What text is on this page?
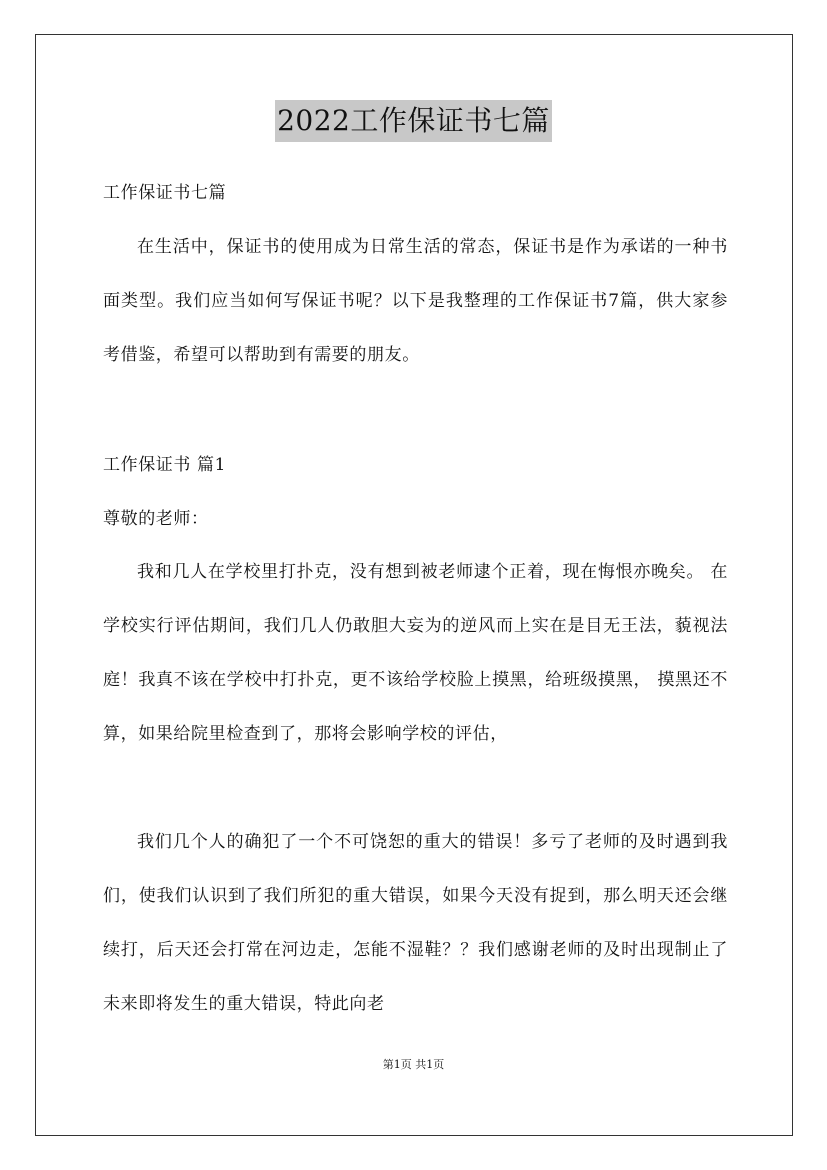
2022工作保证书七篇

工作保证书七篇

在生活中，保证书的使用成为日常生活的常态，保证书是作为承诺的一种书面类型。我们应当如何写保证书呢？以下是我整理的工作保证书7篇，供大家参考借鉴，希望可以帮助到有需要的朋友。

工作保证书 篇1

尊敬的老师：

我和几人在学校里打扑克，没有想到被老师逮个正着，现在悔恨亦晚矣。 在学校实行评估期间，我们几人仍敢胆大妄为的逆风而上实在是目无王法，藐视法庭！我真不该在学校中打扑克，更不该给学校脸上摸黑，给班级摸黑， 摸黑还不算，如果给院里检查到了，那将会影响学校的评估，

我们几个人的确犯了一个不可饶恕的重大的错误！多亏了老师的及时遇到我们，使我们认识到了我们所犯的重大错误，如果今天没有捉到，那么明天还会继续打，后天还会打常在河边走，怎能不湿鞋？？我们感谢老师的及时出现制止了未来即将发生的重大错误，特此向老

第1页 共1页
